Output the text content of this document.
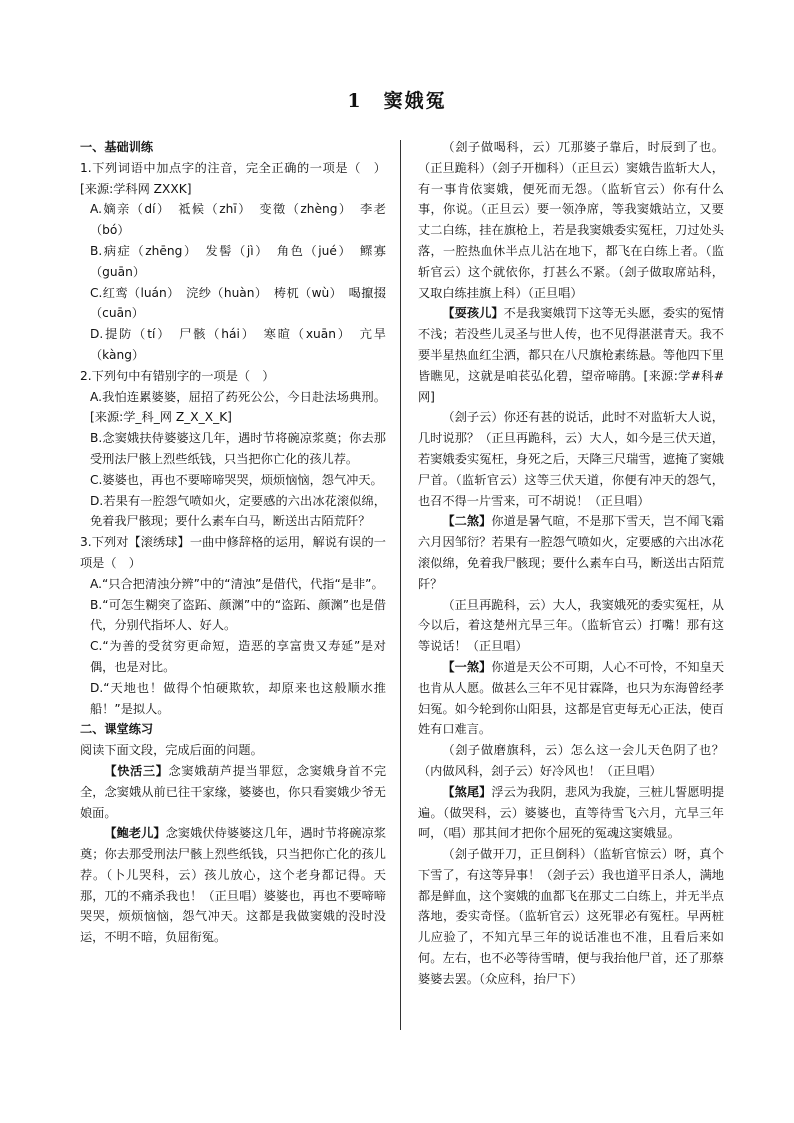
1　窦娥冤

一、基础训练

1.下列词语中加点字的注音，完全正确的一项是（　）[来源:学科网 ZXXK]

A.嫡亲（dí）　祗候（zhī）　变徵（zhèng）　李老（bó）

B.病症（zhēng）　发髻（jì）　角色（jué）　鳏寡（guān）

C.红鸾（luán）　浣纱（huàn）　梼杌（wù）　喝攛掇（cuān）

D.提防（tí）　尸骸（hái）　寒暄（xuān）　亢旱（kàng）

2.下列句中有错别字的一项是（　）

A.我怕连累婆婆，屈招了药死公公，今日赴法场典刑。[来源:学_科_网 Z_X_X_K]

B.念窦娥扶侍婆婆这几年，遇时节将碗凉浆奠；你去那受刑法尸骸上烈些纸钱，只当把你亡化的孩儿荐。

C.婆婆也，再也不要啼啼哭哭，烦烦恼恼，怨气冲天。

D.若果有一腔怨气喷如火，定要感的六出冰花滚似绵，免着我尸骸现；要什么素车白马，断送出古陌荒阡？

3.下列对【滚绣球】一曲中修辞格的运用，解说有误的一项是（　）

A.“只合把清浊分辨”中的“清浊”是借代，代指“是非”。

B.“可怎生糊突了盗跖、颜渊”中的“盗跖、颜渊”也是借代，分别代指坏人、好人。

C.“为善的受贫穷更命短，造恶的享富贵又寿延”是对偶，也是对比。

D.“天地也！做得个怕硬欺软，却原来也这般顺水推船！”是拟人。

二、课堂练习

阅读下面文段，完成后面的问题。

【快活三】念窦娥葫芦提当罪愆，念窦娥身首不完全，念窦娥从前已往干家缘，婆婆也，你只看窦娥少爷无娘面。

【鲍老儿】念窦娥伏侍婆婆这几年，遇时节将碗凉浆奠；你去那受刑法尸骸上烈些纸钱，只当把你亡化的孩儿荐。（卜儿哭科，云）孩儿放心，这个老身都记得。天那，兀的不痛杀我也！（正旦唱）婆婆也，再也不要啼啼哭哭，烦烦恼恼，怨气冲天。这都是我做窦娥的没时没运，不明不暗，负屈衔冤。

（刽子做喝科，云）兀那婆子靠后，时辰到了也。（正旦跪科）（刽子开枷科）（正旦云）窦娥告监斩大人，有一事肯依窦娥，便死而无怨。（监斩官云）你有什么事，你说。（正旦云）要一领净席，等我窦娥站立，又要丈二白练，挂在旗枪上，若是我窦娥委实冤枉，刀过处头落，一腔热血休半点儿沾在地下，都飞在白练上者。（监斩官云）这个就依你，打甚么不紧。（刽子做取席站科，又取白练挂旗上科）（正旦唱）

【耍孩儿】不是我窦娥罚下这等无头愿，委实的冤情不浅；若没些儿灵圣与世人传，也不见得湛湛青天。我不要半星热血红尘洒，都只在八尺旗枪素练悬。等他四下里皆瞧见，这就是咱苌弘化碧，望帝啼鹃。[来源:学#科#网]

（刽子云）你还有甚的说话，此时不对监斩大人说，几时说那？（正旦再跪科，云）大人，如今是三伏天道，若窦娥委实冤枉，身死之后，天降三尺瑞雪，遮掩了窦娥尸首。（监斩官云）这等三伏天道，你便有冲天的怨气，也召不得一片雪来，可不胡说！（正旦唱）

【二煞】你道是暑气暄，不是那下雪天，岂不闻飞霜六月因邹衍？若果有一腔怨气喷如火，定要感的六出冰花滚似绵，免着我尸骸现；要什么素车白马，断送出古陌荒阡？

（正旦再跪科，云）大人，我窦娥死的委实冤枉，从今以后，着这楚州亢旱三年。（监斩官云）打嘴！那有这等说话！（正旦唱）

【一煞】你道是天公不可期，人心不可怜，不知皇天也肯从人愿。做甚么三年不见甘霖降，也只为东海曾经孝妇冤。如今轮到你山阳县，这都是官吏每无心正法，使百姓有口难言。

（刽子做磨旗科，云）怎么这一会儿天色阴了也？（内做风科，刽子云）好冷风也！（正旦唱）

【煞尾】浮云为我阴，悲风为我旋，三桩儿誓愿明提遍。（做哭科，云）婆婆也，直等待雪飞六月，亢旱三年呵，（唱）那其间才把你个屈死的冤魂这窦娥显。

（刽子做开刀，正旦倒科）（监斩官惊云）呀，真个下雪了，有这等异事！（刽子云）我也道平日杀人，满地都是鲜血，这个窦娥的血都飞在那丈二白练上，并无半点落地，委实奇怪。（监斩官云）这死罪必有冤枉。早两桩儿应验了，不知亢旱三年的说话准也不准，且看后来如何。左右，也不必等待雪晴，便与我抬他尸首，还了那蔡婆婆去罢。（众应科，抬尸下）
